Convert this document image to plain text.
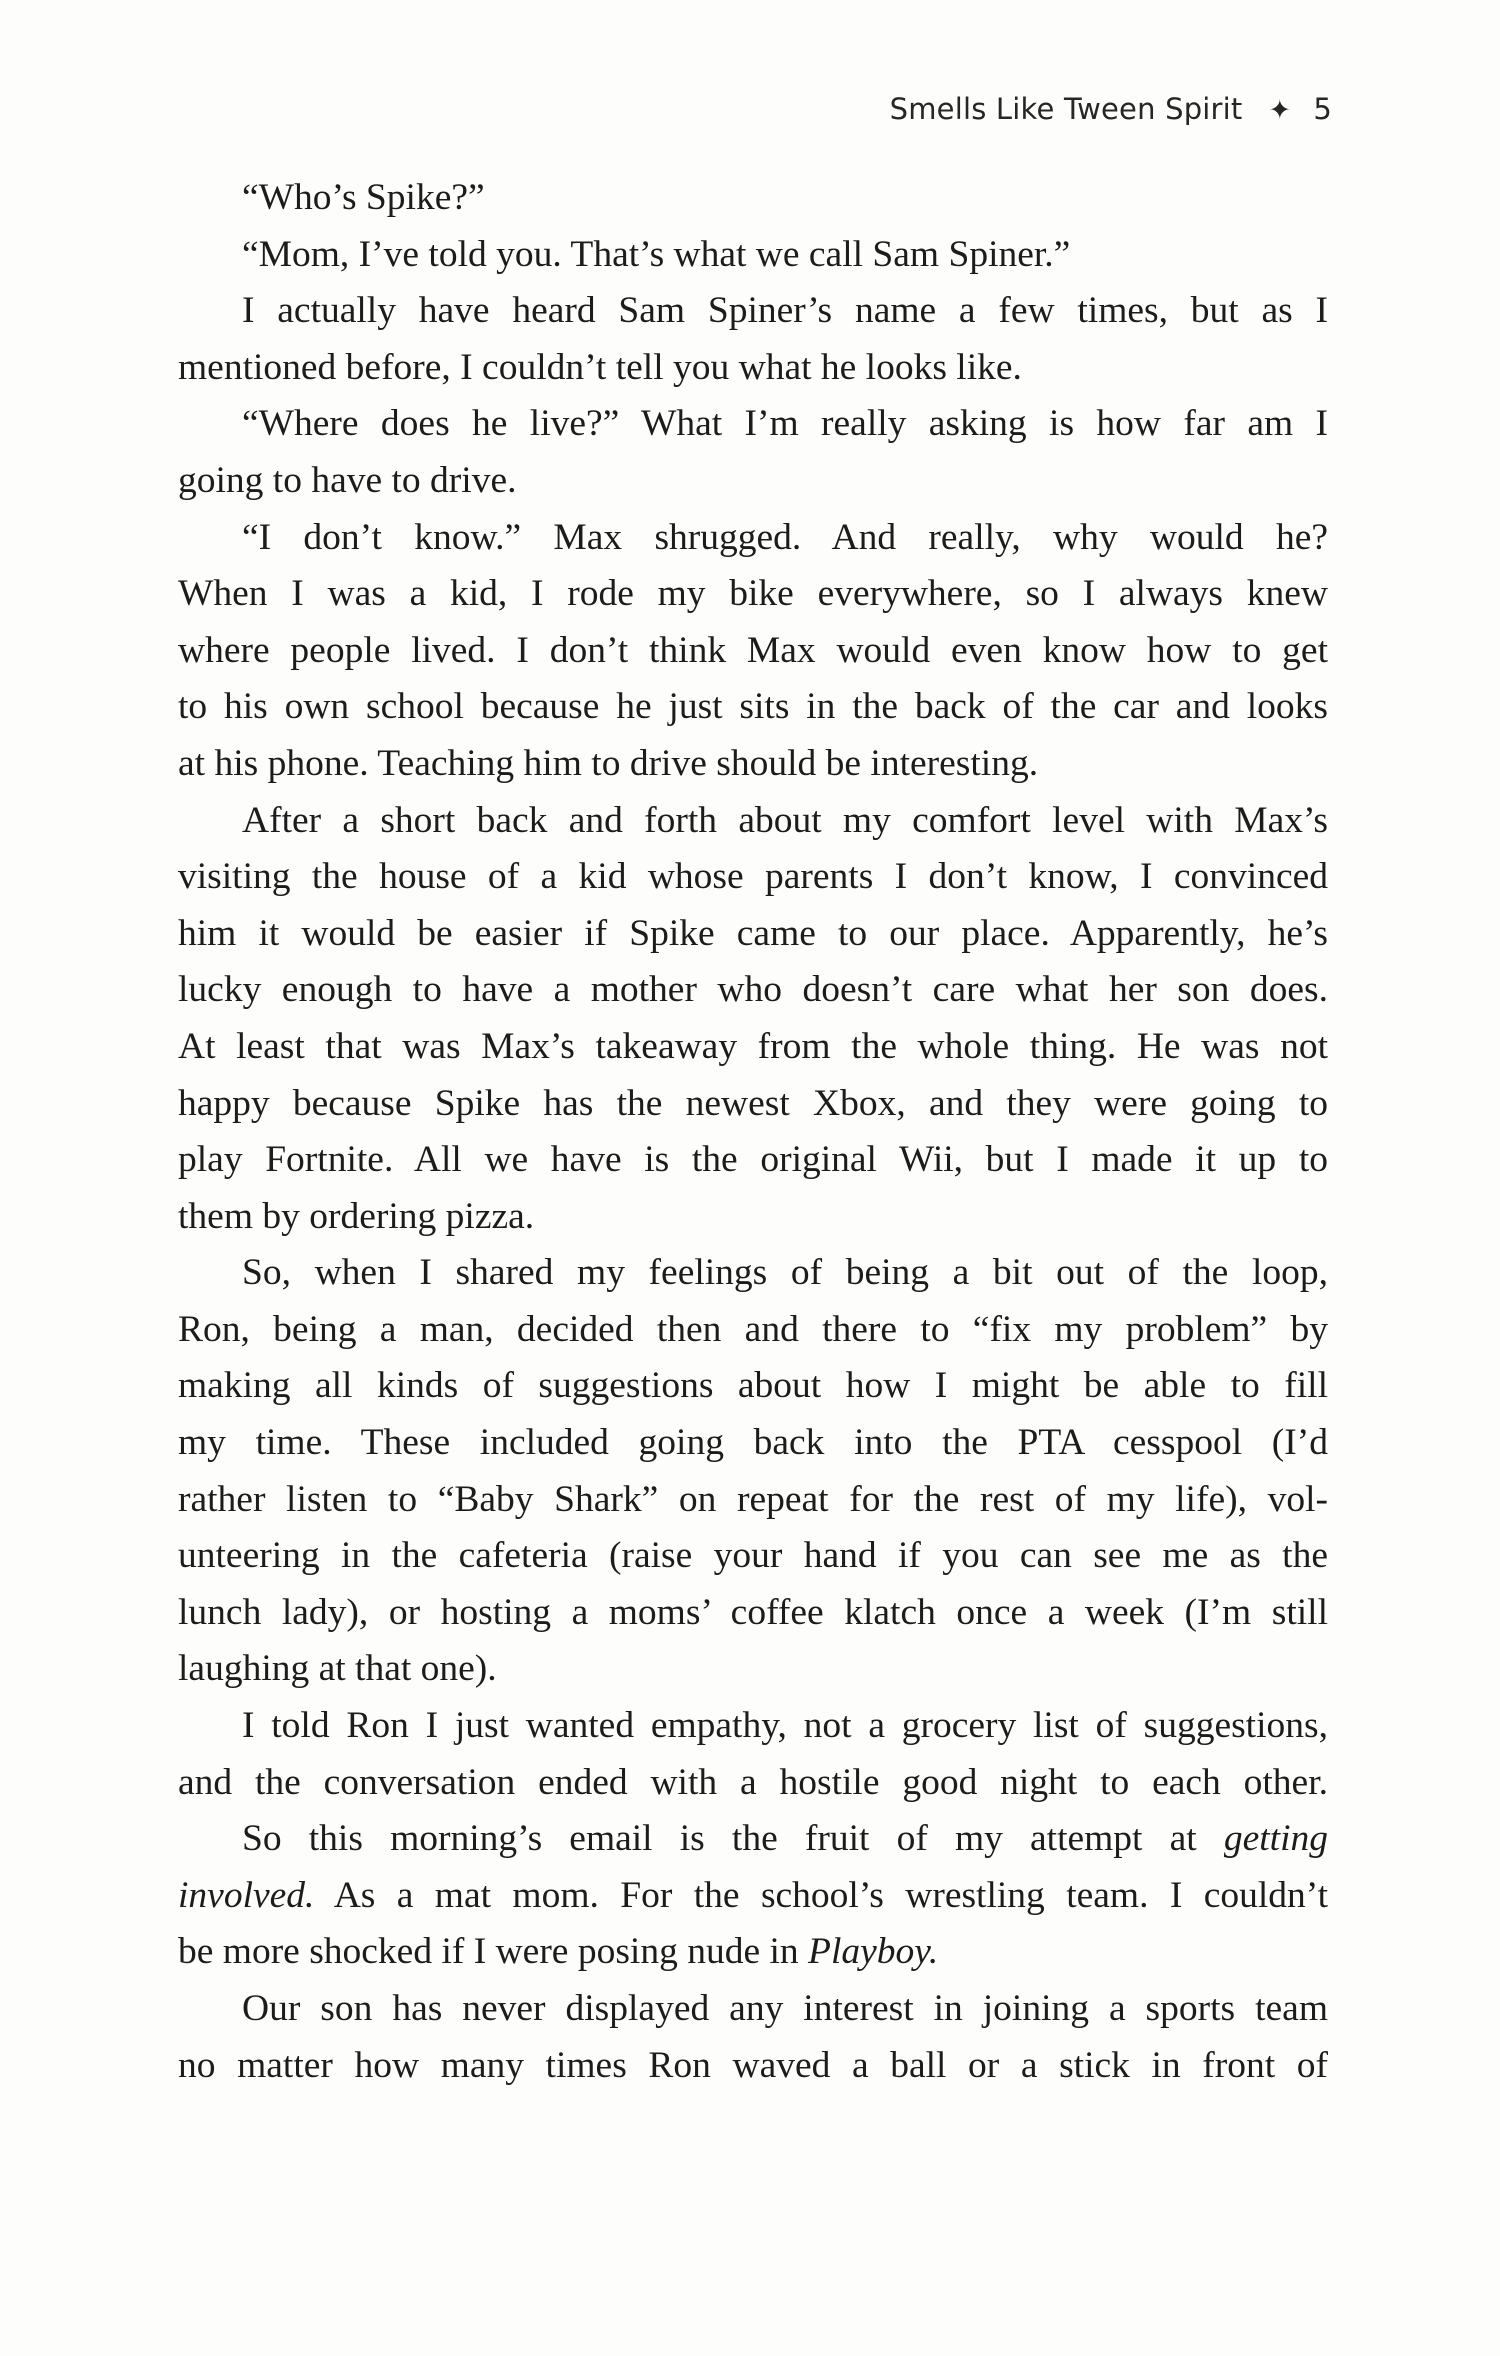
Smells Like Tween Spirit ✦ 5
“Who’s Spike?”
“Mom, I’ve told you. That’s what we call Sam Spiner.”
I actually have heard Sam Spiner’s name a few times, but as I
mentioned before, I couldn’t tell you what he looks like.
“Where does he live?” What I’m really asking is how far am I
going to have to drive.
“I don’t know.” Max shrugged. And really, why would he?
When I was a kid, I rode my bike everywhere, so I always knew
where people lived. I don’t think Max would even know how to get
to his own school because he just sits in the back of the car and looks
at his phone. Teaching him to drive should be interesting.
After a short back and forth about my comfort level with Max’s
visiting the house of a kid whose parents I don’t know, I convinced
him it would be easier if Spike came to our place. Apparently, he’s
lucky enough to have a mother who doesn’t care what her son does.
At least that was Max’s takeaway from the whole thing. He was not
happy because Spike has the newest Xbox, and they were going to
play Fortnite. All we have is the original Wii, but I made it up to
them by ordering pizza.
So, when I shared my feelings of being a bit out of the loop,
Ron, being a man, decided then and there to “fix my problem” by
making all kinds of suggestions about how I might be able to fill
my time. These included going back into the PTA cesspool (I’d
rather listen to “Baby Shark” on repeat for the rest of my life), vol-
unteering in the cafeteria (raise your hand if you can see me as the
lunch lady), or hosting a moms’ coffee klatch once a week (I’m still
laughing at that one).
I told Ron I just wanted empathy, not a grocery list of suggestions,
and the conversation ended with a hostile good night to each other.
So this morning’s email is the fruit of my attempt at getting
involved. As a mat mom. For the school’s wrestling team. I couldn’t
be more shocked if I were posing nude in Playboy.
Our son has never displayed any interest in joining a sports team
no matter how many times Ron waved a ball or a stick in front of
